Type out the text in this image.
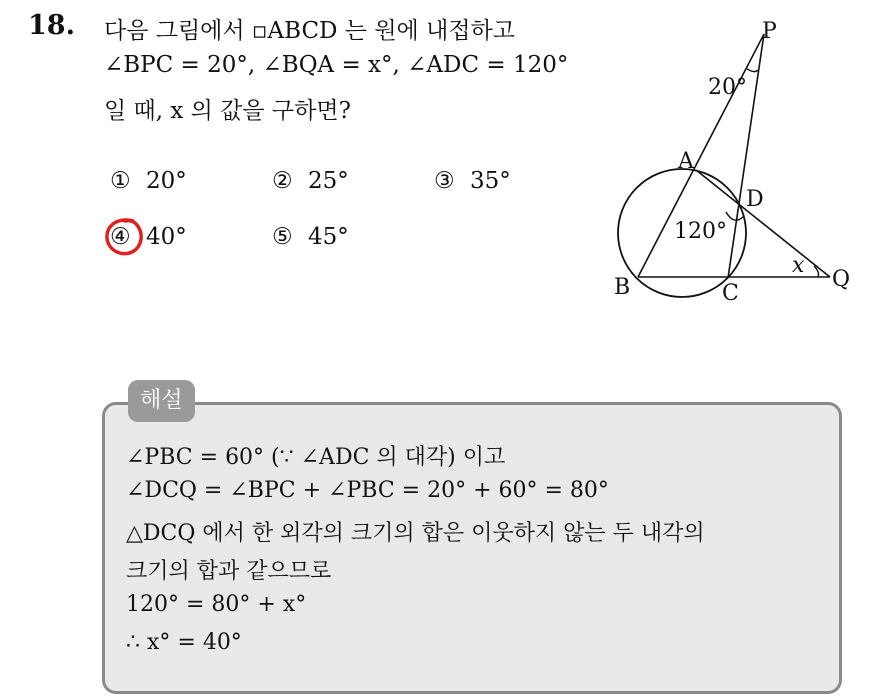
18. 다음 그림에서 ▫ABCD 는 원에 내접하고
∠BPC = 20°, ∠BQA = x°, ∠ADC = 120°
일 때, x 의 값을 구하면?
① 20°	② 25°	③ 35°
④ 40°	⑤ 45°
P
20°
A
D
120°
x
Q
B	C
해설
∠PBC = 60° (∵ ∠ADC 의 대각) 이고
∠DCQ = ∠BPC + ∠PBC = 20° + 60° = 80°
△DCQ 에서 한 외각의 크기의 합은 이웃하지 않는 두 내각의
크기의 합과 같으므로
120° = 80° + x°
∴ x° = 40°
